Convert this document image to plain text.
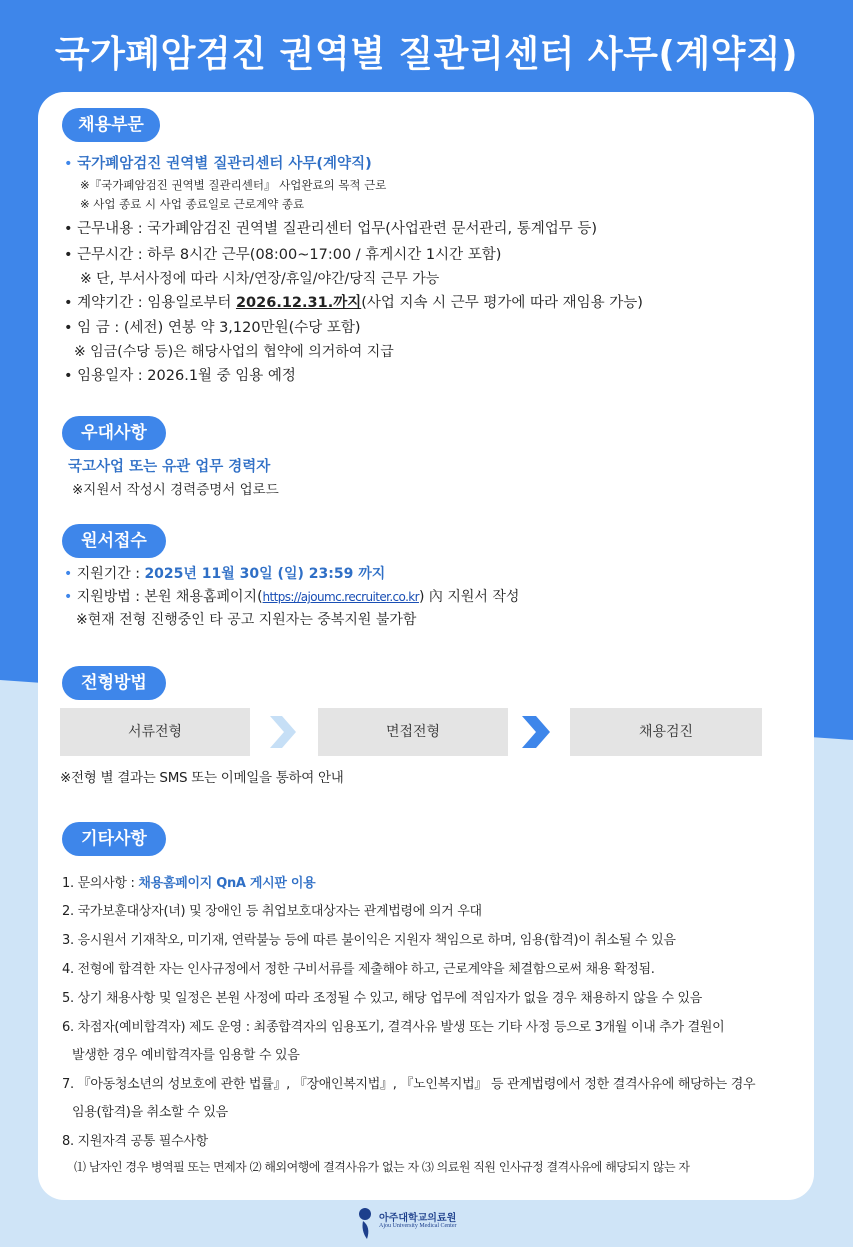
국가폐암검진 권역별 질관리센터 사무(계약직)
채용부문
• 국가폐암검진 권역별 질관리센터 사무(계약직)
※『국가폐암검진 권역별 질관리센터』 사업완료의 목적 근로
※ 사업 종료 시 사업 종료일로 근로계약 종료
• 근무내용 : 국가폐암검진 권역별 질관리센터 업무(사업관련 문서관리, 통계업무 등)
• 근무시간 : 하루 8시간 근무(08:00~17:00 / 휴게시간 1시간 포함)
※ 단, 부서사정에 따라 시차/연장/휴일/야간/당직 근무 가능
• 계약기간 : 임용일로부터 2026.12.31.까지(사업 지속 시 근무 평가에 따라 재임용 가능)
• 임 금 : (세전) 연봉 약 3,120만원(수당 포함)
※ 임금(수당 등)은 해당사업의 협약에 의거하여 지급
• 임용일자 : 2026.1월 중 임용 예정
우대사항
국고사업 또는 유관 업무 경력자
※지원서 작성시 경력증명서 업로드
원서접수
• 지원기간 : 2025년 11월 30일 (일) 23:59 까지
• 지원방법 : 본원 채용홈페이지(https://ajoumc.recruiter.co.kr) 內 지원서 작성
※현재 전형 진행중인 타 공고 지원자는 중복지원 불가함
전형방법
서류전형	면접전형	채용검진
※전형 별 결과는 SMS 또는 이메일을 통하여 안내
기타사항
1. 문의사항 : 채용홈페이지 QnA 게시판 이용
2. 국가보훈대상자(녀) 및 장애인 등 취업보호대상자는 관계법령에 의거 우대
3. 응시원서 기재착오, 미기재, 연락불능 등에 따른 불이익은 지원자 책임으로 하며, 임용(합격)이 취소될 수 있음
4. 전형에 합격한 자는 인사규정에서 정한 구비서류를 제출해야 하고, 근로계약을 체결함으로써 채용 확정됨.
5. 상기 채용사항 및 일정은 본원 사정에 따라 조정될 수 있고, 해당 업무에 적임자가 없을 경우 채용하지 않을 수 있음
6. 차점자(예비합격자) 제도 운영 : 최종합격자의 임용포기, 결격사유 발생 또는 기타 사정 등으로 3개월 이내 추가 결원이
발생한 경우 예비합격자를 임용할 수 있음
7. 『아동청소년의 성보호에 관한 법률』, 『장애인복지법』, 『노인복지법』 등 관계법령에서 정한 결격사유에 해당하는 경우
임용(합격)을 취소할 수 있음
8. 지원자격 공통 필수사항
⑴ 남자인 경우 병역필 또는 면제자 ⑵ 해외여행에 결격사유가 없는 자 ⑶ 의료원 직원 인사규정 결격사유에 해당되지 않는 자
아주대학교의료원
Ajou University Medical Center
